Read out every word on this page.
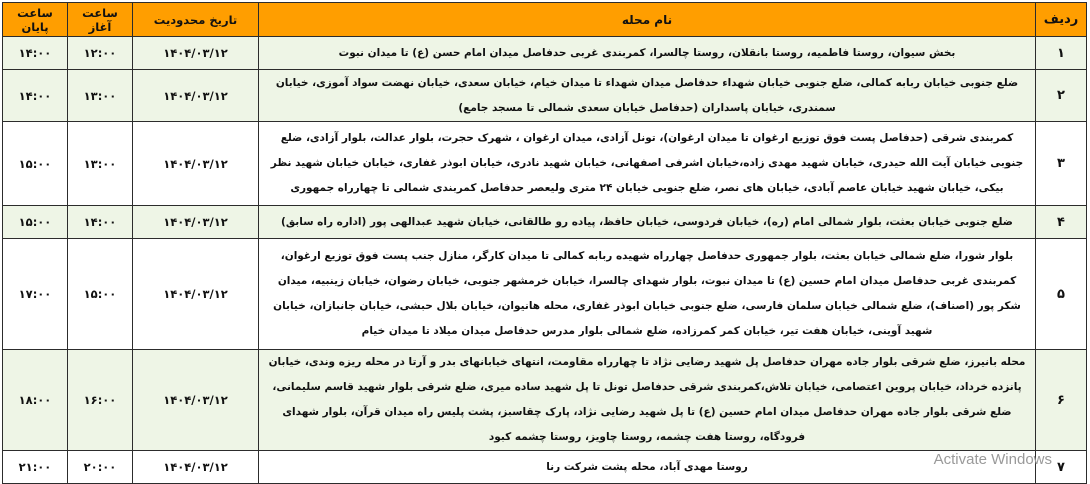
ردیف	نام محله	تاریخ محدودیت	ساعت آغاز	ساعت پایان
۱	بخش سیوان، روستا فاطمیه، روستا بانقلان، روستا چالسرا، کمربندی غربی حدفاصل میدان امام حسن (ع) تا میدان نبوت	۱۴۰۴/۰۳/۱۲	۱۲:۰۰	۱۴:۰۰
۲	ضلع جنوبی خیابان ربابه کمالی، ضلع جنوبی خیابان شهداء حدفاصل میدان شهداء تا میدان خیام، خیابان سعدی، خیابان نهضت سواد آموزی، خیابان سمندری، خیابان پاسداران (حدفاصل خیابان سعدی شمالی تا مسجد جامع)	۱۴۰۴/۰۳/۱۲	۱۳:۰۰	۱۴:۰۰
۳	کمربندی شرقی (حدفاصل پست فوق توزیع ارغوان تا میدان ارغوان)، تونل آزادی، میدان ارغوان ، شهرک حجرت، بلوار عدالت، بلوار آزادی، ضلع جنوبی خیابان آیت الله حیدری، خیابان شهید مهدی زاده،خیابان اشرفی اصفهانی، خیابان شهید نادری، خیابان ابوذر غفاری، خیابان خیابان شهید نظر بیکی، خیابان شهید خیابان عاصم آبادی، خیابان های نصر، ضلع جنوبی خیابان ۲۴ متری ولیعصر حدفاصل کمربندی شمالی تا چهارراه جمهوری	۱۴۰۴/۰۳/۱۲	۱۳:۰۰	۱۵:۰۰
۴	ضلع جنوبی خیابان بعثت، بلوار شمالی امام (ره)، خیابان فردوسی، خیابان حافظ، پیاده رو طالقانی، خیابان شهید عبدالهی پور (اداره راه سابق)	۱۴۰۴/۰۳/۱۲	۱۴:۰۰	۱۵:۰۰
۵	بلوار شورا، ضلع شمالی خیابان بعثت، بلوار جمهوری حدفاصل چهارراه شهیده ربابه کمالی تا میدان کارگر، منازل جنب پست فوق توزیع ارغوان، کمربندی غربی حدفاصل میدان امام حسین (ع) تا میدان نبوت، بلوار شهدای چالسرا، خیابان خرمشهر جنوبی، خیابان رضوان، خیابان زینبیه، میدان شکر پور (اصناف)، ضلع شمالی خیابان سلمان فارسی، ضلع جنوبی خیابان ابوذر غفاری، محله هانیوان، خیابان بلال حبشی، خیابان جانبازان، خیابان شهید آوینی، خیابان هفت تیر، خیابان کمر کمرزاده، ضلع شمالی بلوار مدرس حدفاصل میدان میلاد تا میدان خیام	۱۴۰۴/۰۳/۱۲	۱۵:۰۰	۱۷:۰۰
۶	محله بانیرز، ضلع شرقی بلوار جاده مهران حدفاصل پل شهید رضایی نژاد تا چهارراه مقاومت، انتهای خیابانهای بدر و آرتا در محله ریزه وندی، خیابان پانزده خرداد، خیابان پروین اعتصامی، خیابان تلاش،کمربندی شرقی حدفاصل تونل تا پل شهید ساده میری، ضلع شرقی بلوار شهید قاسم سلیمانی، ضلع شرقی بلوار جاده مهران حدفاصل میدان امام حسین (ع) تا پل شهید رضایی نژاد، پارک چقاسبز، پشت پلیس راه میدان قرآن، بلوار شهدای فرودگاه، روستا هفت چشمه، روستا چاویز، روستا چشمه کبود	۱۴۰۴/۰۳/۱۲	۱۶:۰۰	۱۸:۰۰
۷	روستا مهدی آباد، محله پشت شرکت رنا	۱۴۰۴/۰۳/۱۲	۲۰:۰۰	۲۱:۰۰	Activate Windows
